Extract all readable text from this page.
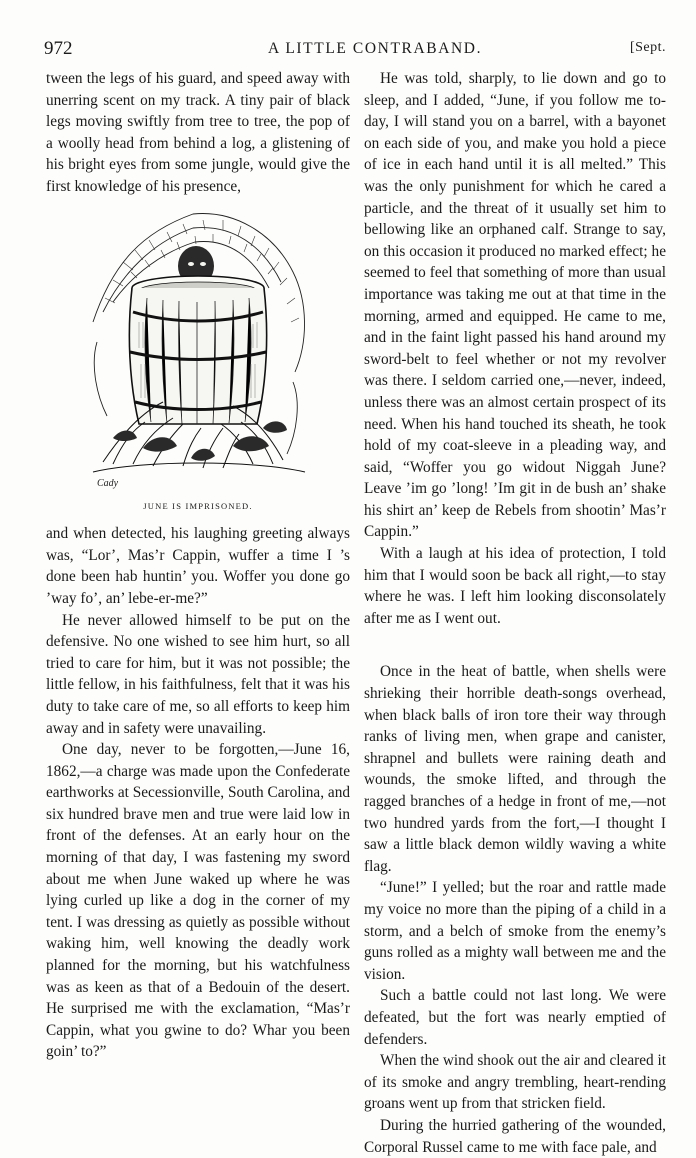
972	A LITTLE CONTRABAND.	[Sept.

tween the legs of his guard, and speed away with unerring scent on my track. A tiny pair of black legs moving swiftly from tree to tree, the pop of a woolly head from behind a log, a glistening of his bright eyes from some jungle, would give the first knowledge of his presence,

Cady
JUNE IS IMPRISONED.

and when detected, his laughing greeting always was, “Lor’, Mas’r Cappin, wuffer a time I ’s done been hab huntin’ you. Woffer you done go ’way fo’, an’ lebe-er-me?”

He never allowed himself to be put on the defensive. No one wished to see him hurt, so all tried to care for him, but it was not possible; the little fellow, in his faithfulness, felt that it was his duty to take care of me, so all efforts to keep him away and in safety were unavailing.

One day, never to be forgotten,—June 16, 1862,—a charge was made upon the Confederate earthworks at Secessionville, South Carolina, and six hundred brave men and true were laid low in front of the defenses. At an early hour on the morning of that day, I was fastening my sword about me when June waked up where he was lying curled up like a dog in the corner of my tent. I was dressing as quietly as possible without waking him, well knowing the deadly work planned for the morning, but his watchfulness was as keen as that of a Bedouin of the desert. He surprised me with the exclamation, “Mas’r Cappin, what you gwine to do? Whar you been goin’ to?”

He was told, sharply, to lie down and go to sleep, and I added, “June, if you follow me to-day, I will stand you on a barrel, with a bayonet on each side of you, and make you hold a piece of ice in each hand until it is all melted.” This was the only punishment for which he cared a particle, and the threat of it usually set him to bellowing like an orphaned calf. Strange to say, on this occasion it produced no marked effect; he seemed to feel that something of more than usual importance was taking me out at that time in the morning, armed and equipped. He came to me, and in the faint light passed his hand around my sword-belt to feel whether or not my revolver was there. I seldom carried one,—never, indeed, unless there was an almost certain prospect of its need. When his hand touched its sheath, he took hold of my coat-sleeve in a pleading way, and said, “Woffer you go widout Niggah June? Leave ’im go ’long! ’Im git in de bush an’ shake his shirt an’ keep de Rebels from shootin’ Mas’r Cappin.”

With a laugh at his idea of protection, I told him that I would soon be back all right,—to stay where he was. I left him looking disconsolately after me as I went out.

Once in the heat of battle, when shells were shrieking their horrible death-songs overhead, when black balls of iron tore their way through ranks of living men, when grape and canister, shrapnel and bullets were raining death and wounds, the smoke lifted, and through the ragged branches of a hedge in front of me,—not two hundred yards from the fort,—I thought I saw a little black demon wildly waving a white flag.

“June!” I yelled; but the roar and rattle made my voice no more than the piping of a child in a storm, and a belch of smoke from the enemy’s guns rolled as a mighty wall between me and the vision.

Such a battle could not last long. We were defeated, but the fort was nearly emptied of defenders.

When the wind shook out the air and cleared it of its smoke and angry trembling, heart-rending groans went up from that stricken field.

During the hurried gathering of the wounded, Corporal Russel came to me with face pale, and
